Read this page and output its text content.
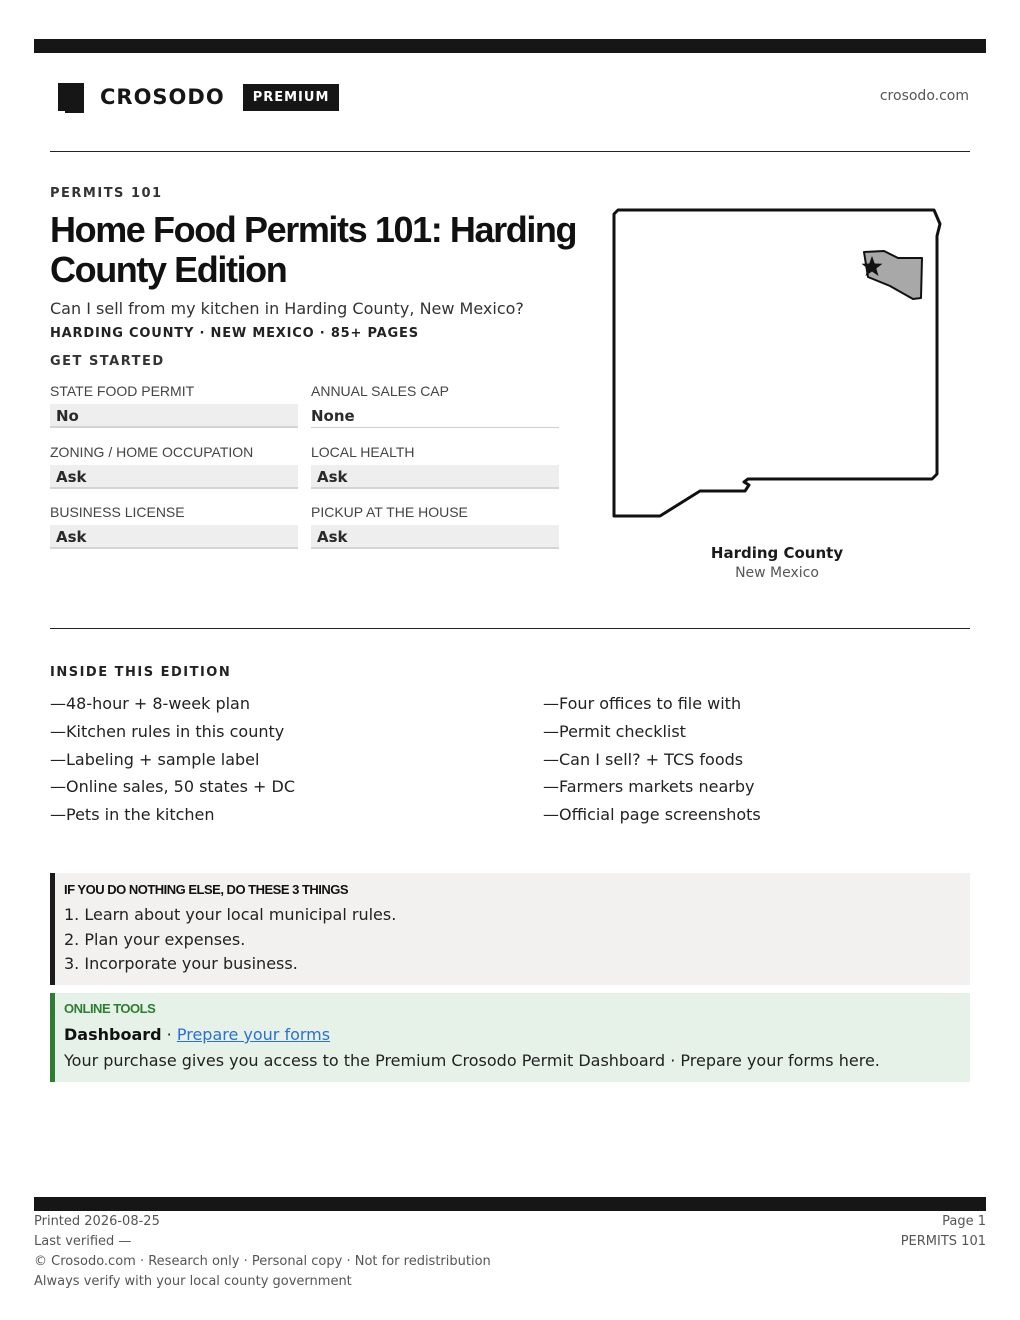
CROSODO	PREMIUM	crosodo.com
PERMITS 101
Home Food Permits 101: Harding County Edition
Can I sell from my kitchen in Harding County, New Mexico?
HARDING COUNTY · NEW MEXICO · 85+ PAGES
GET STARTED
STATE FOOD PERMIT
No
ANNUAL SALES CAP
None
ZONING / HOME OCCUPATION
Ask
LOCAL HEALTH
Ask
BUSINESS LICENSE
Ask
PICKUP AT THE HOUSE
Ask
Harding County
New Mexico
INSIDE THIS EDITION
—48-hour + 8-week plan
—Kitchen rules in this county
—Labeling + sample label
—Online sales, 50 states + DC
—Pets in the kitchen
—Four offices to file with
—Permit checklist
—Can I sell? + TCS foods
—Farmers markets nearby
—Official page screenshots
IF YOU DO NOTHING ELSE, DO THESE 3 THINGS
1. Learn about your local municipal rules.
2. Plan your expenses.
3. Incorporate your business.
ONLINE TOOLS
Dashboard · Prepare your forms
Your purchase gives you access to the Premium Crosodo Permit Dashboard · Prepare your forms here.
Printed 2026-08-25
Last verified —
© Crosodo.com · Research only · Personal copy · Not for redistribution
Always verify with your local county government
Page 1
PERMITS 101
